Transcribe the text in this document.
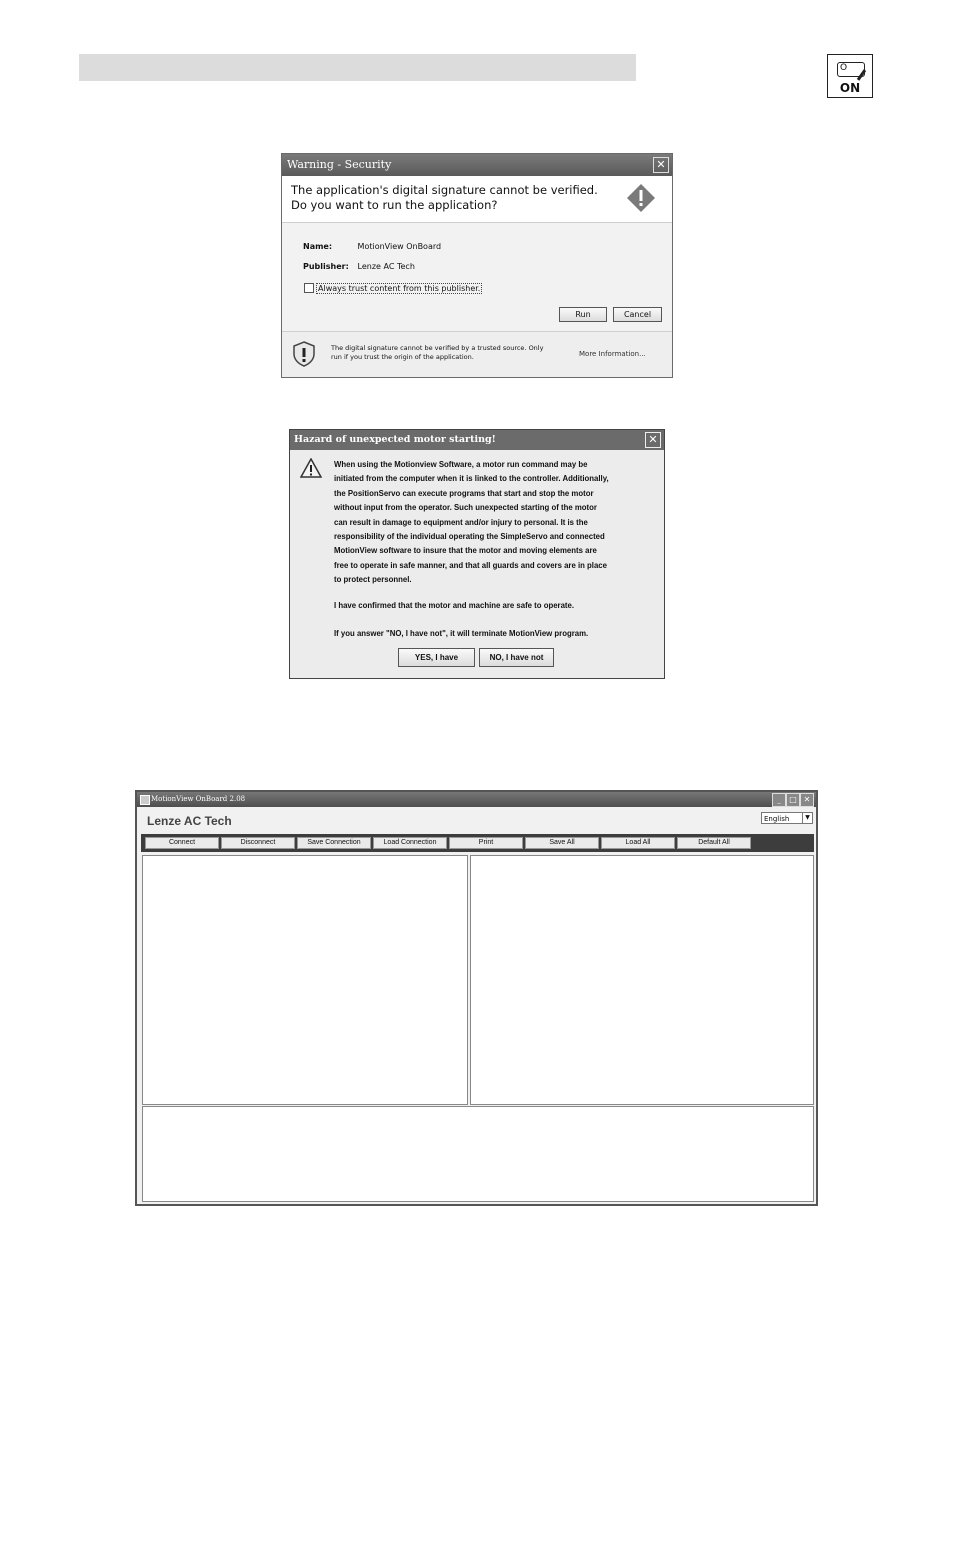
O
ON
Warning - Security	✕
The application's digital signature cannot be verified.
Do you want to run the application?
Name:	MotionView OnBoard
Publisher: Lenze AC Tech
Always trust content from this publisher.
Run	Cancel
The digital signature cannot be verified by a trusted source. Only
run if you trust the origin of the application.	More Information...
Hazard of unexpected motor starting!	✕

When using the Motionview Software, a motor run command may be

initiated from the computer when it is linked to the controller. Additionally,

the PositionServo can execute programs that start and stop the motor

without input from the operator. Such unexpected starting of the motor

can result in damage to equipment and/or injury to personal. It is the

responsibility of the individual operating the SimpleServo and connected

MotionView software to insure that the motor and moving elements are

free to operate in safe manner, and that all guards and covers are in place

to protect personnel.

I have confirmed that the motor and machine are safe to operate.
If you answer "NO, I have not", it will terminate MotionView program.
YES, I have	NO, I have not
MotionView OnBoard 2.08	_	□ ✕
Lenze AC Tech	English	▼
Connect	Disconnect	Save Connection	Load Connection	Print	Save All	Load All	Default All
